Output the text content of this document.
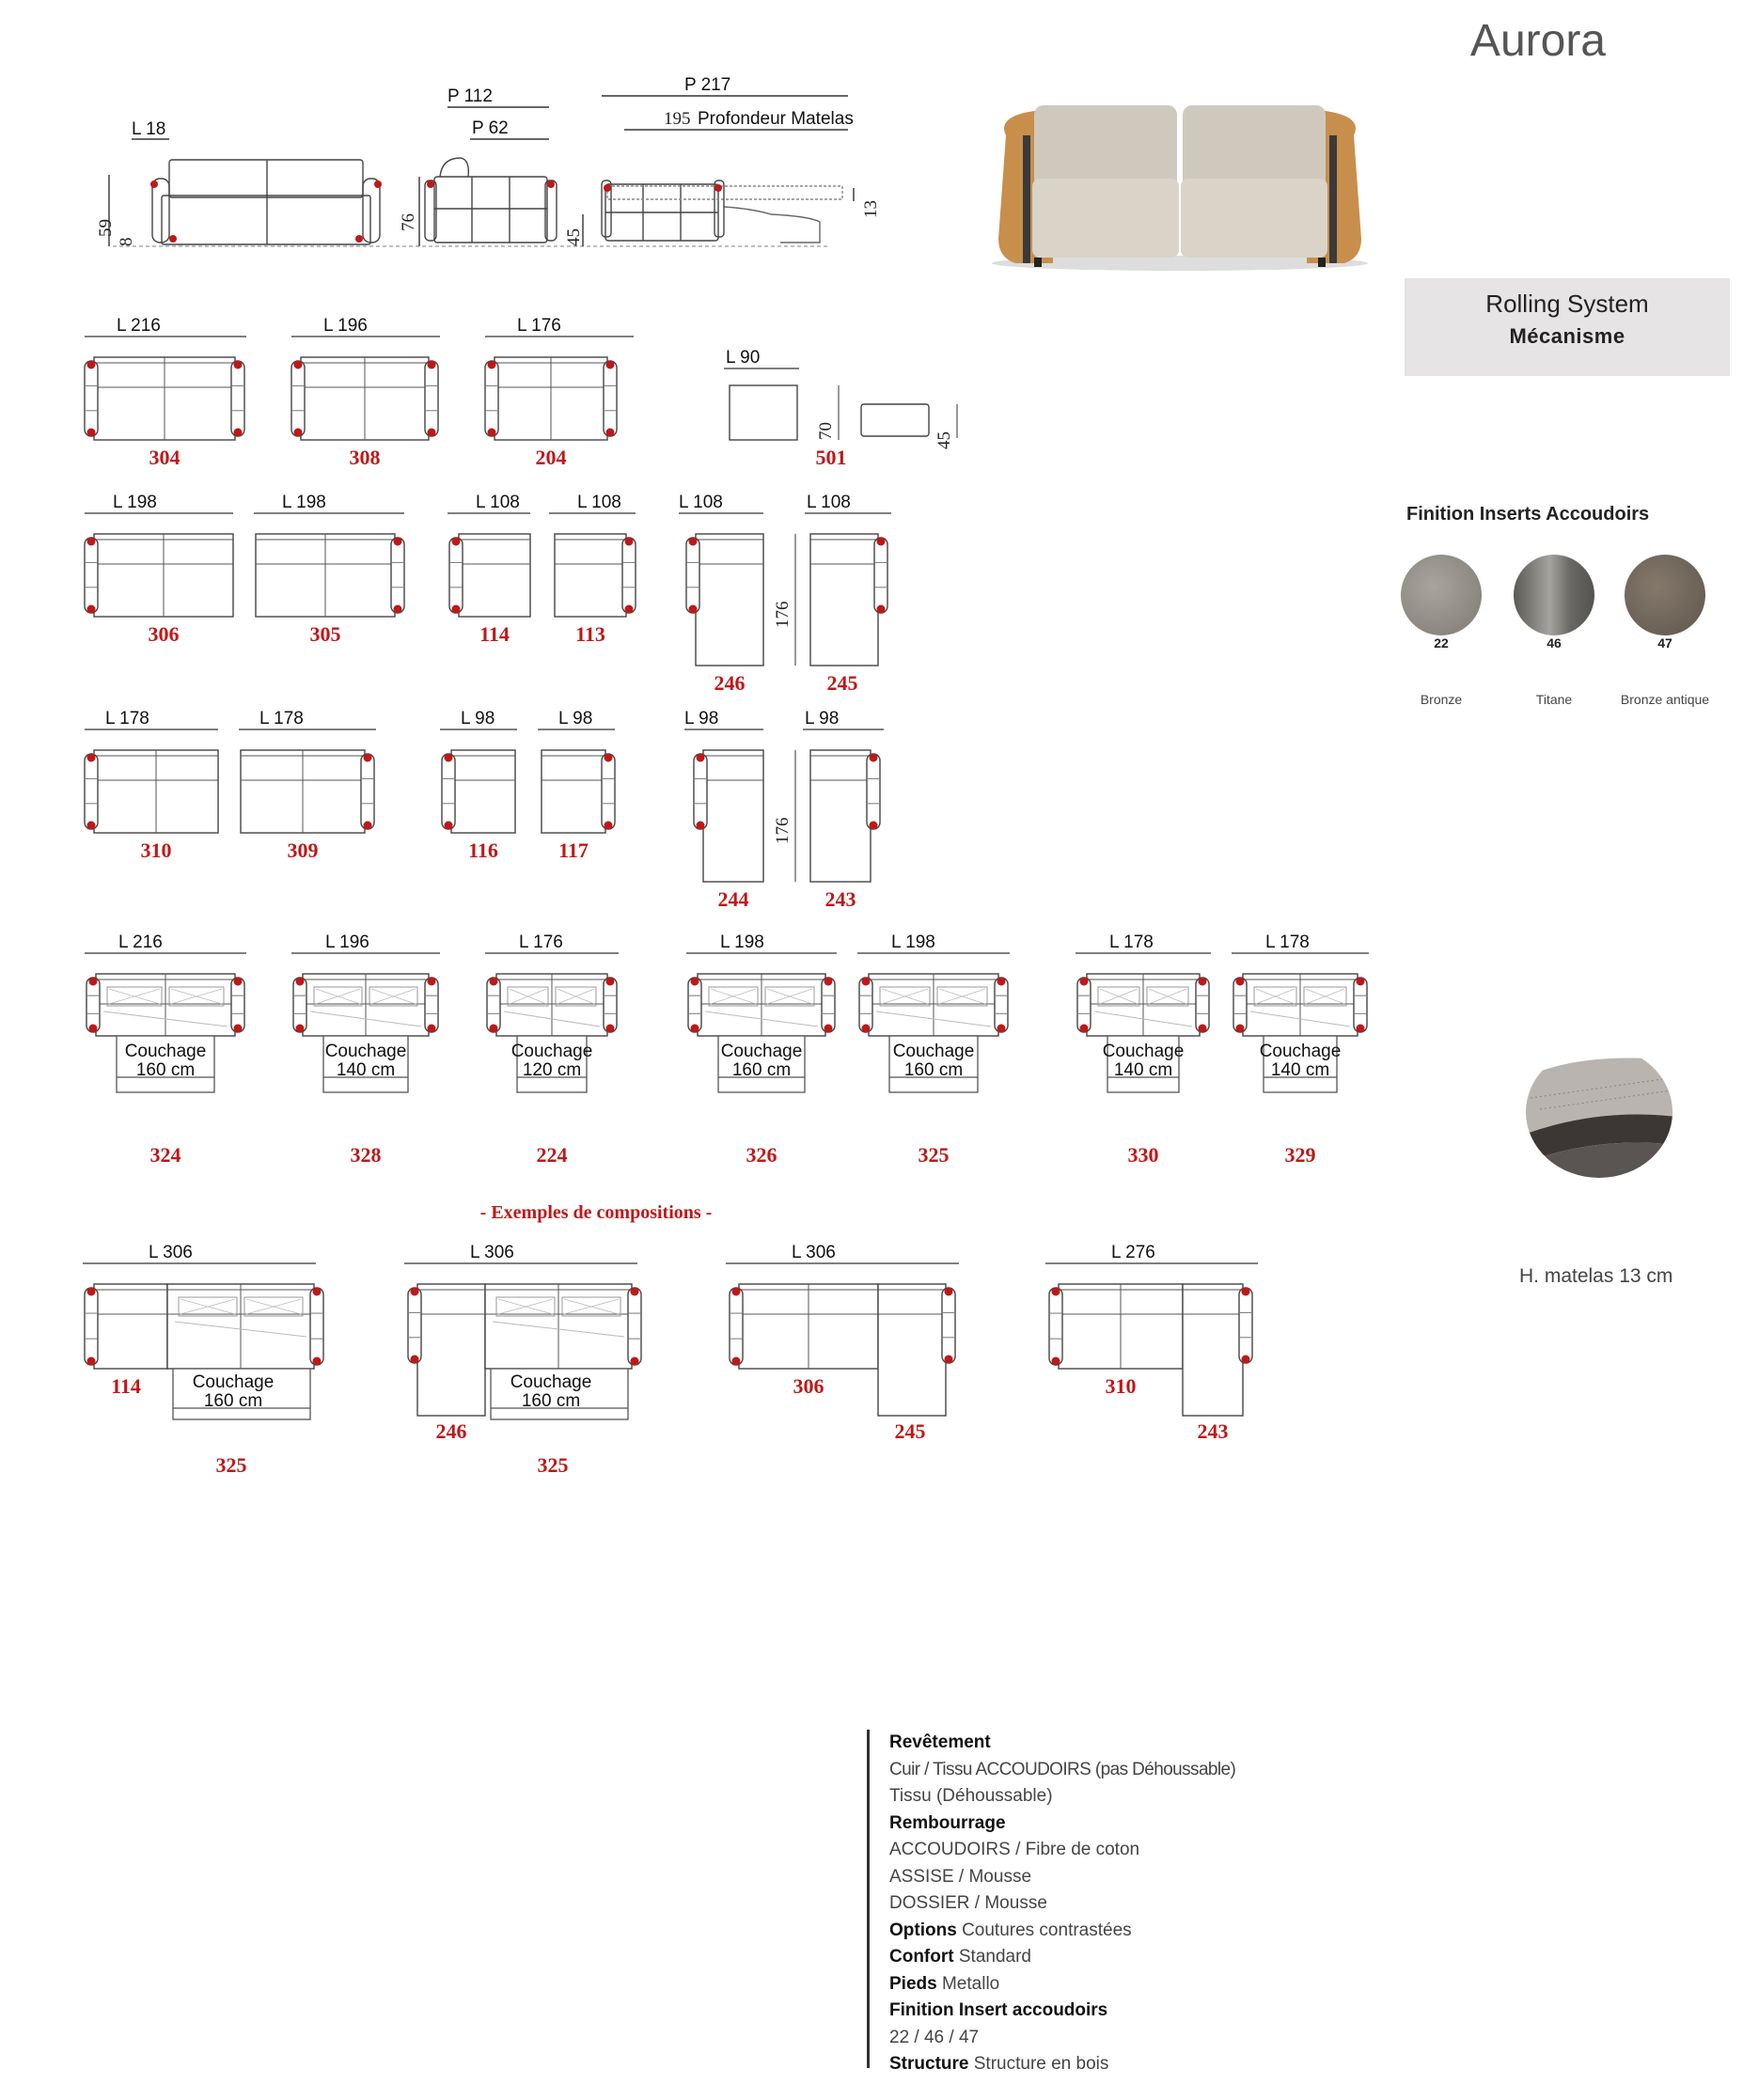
Aurora
L 18
59
8
P 112
P 62
76
45
P 217
195 Profondeur Matelas
13
L 216
304
L 196
308
L 176
204
L 90
70
45
501
L 198
306
L 198
305
L 108
114
L 108
113
L 108
246
L 108
245
176
L 178
310
L 178
309
L 98
116
L 98
117
L 98
244
L 98
243
176
L 216
Couchage
160 cm
324
L 196
Couchage
140 cm
328
L 176
Couchage
120 cm
224
L 198
Couchage
160 cm
326
L 198
Couchage
160 cm
325
L 178
Couchage
140 cm
330
L 178
Couchage
140 cm
329
L 306	L 306	L 306	L 276
Couchage
160 cm
114
325
Couchage
160 cm
246
325
306
245
310
243
- Exemples de compositions -
Rolling System
Mécanisme
Finition Inserts Accoudoirs
22	46	47
Bronze	Titane	Bronze antique
H. matelas 13 cm
Revêtement
Cuir / Tissu ACCOUDOIRS (pas Déhoussable)
Tissu (Déhoussable)
Rembourrage
ACCOUDOIRS / Fibre de coton
ASSISE / Mousse
DOSSIER / Mousse
Options Coutures contrastées
Confort Standard
Pieds Metallo
Finition Insert accoudoirs
22 / 46 / 47
Structure Structure en bois
